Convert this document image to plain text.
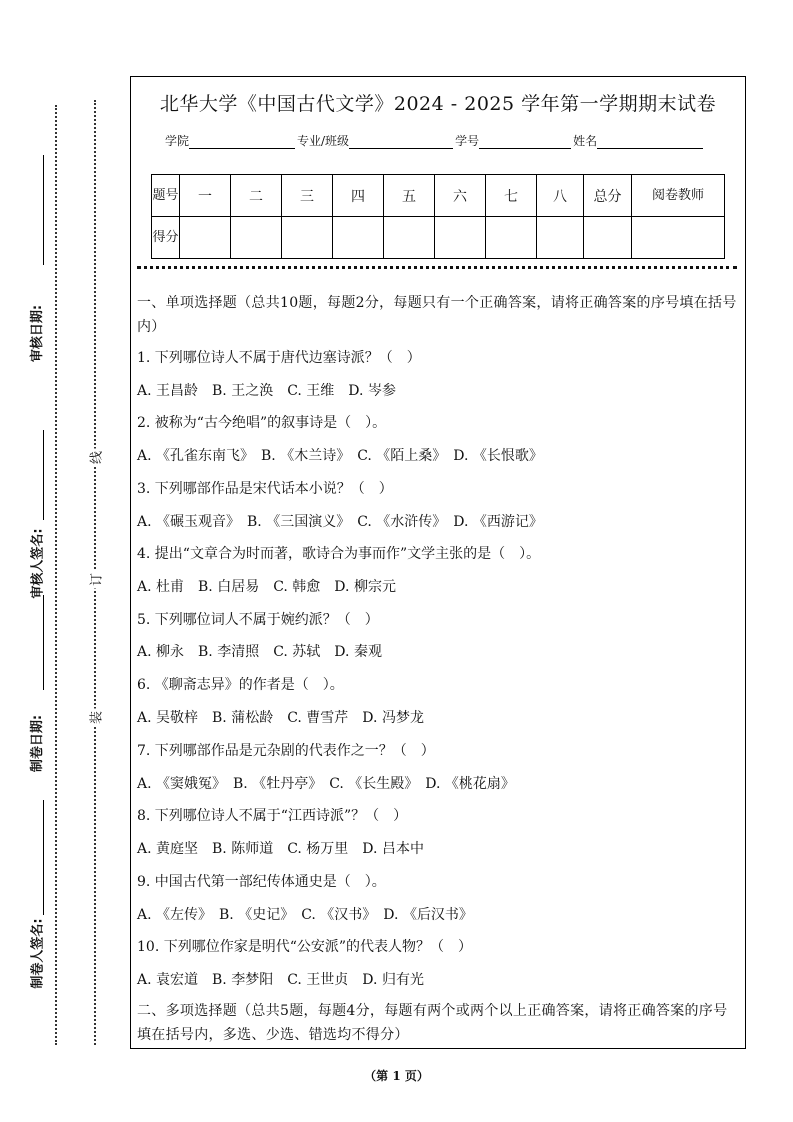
审核日期:
审核人签名:
制卷日期:
制卷人签名:
线
订
装
北华大学《中国古代文学》2024 - 2025 学年第一学期期末试卷
学院	专业/班级	学号	姓名
题号	一	二	三	四	五	六	七	八	总分	阅卷教师
得分										
一、单项选择题（总共10题，每题2分，每题只有一个正确答案，请将正确答案的序号填在括号内）
1. 下列哪位诗人不属于唐代边塞诗派？（　）
A. 王昌龄　B. 王之涣　C. 王维　D. 岑参
2. 被称为“古今绝唱”的叙事诗是（　）。
A. 《孔雀东南飞》　B. 《木兰诗》　C. 《陌上桑》　D. 《长恨歌》
3. 下列哪部作品是宋代话本小说？（　）
A. 《碾玉观音》　B. 《三国演义》　C. 《水浒传》　D. 《西游记》
4. 提出“文章合为时而著，歌诗合为事而作”文学主张的是（　）。
A. 杜甫　B. 白居易　C. 韩愈　D. 柳宗元
5. 下列哪位词人不属于婉约派？（　）
A. 柳永　B. 李清照　C. 苏轼　D. 秦观
6. 《聊斋志异》的作者是（　）。
A. 吴敬梓　B. 蒲松龄　C. 曹雪芹　D. 冯梦龙
7. 下列哪部作品是元杂剧的代表作之一？（　）
A. 《窦娥冤》　B. 《牡丹亭》　C. 《长生殿》　D. 《桃花扇》
8. 下列哪位诗人不属于“江西诗派”？（　）
A. 黄庭坚　B. 陈师道　C. 杨万里　D. 吕本中
9. 中国古代第一部纪传体通史是（　）。
A. 《左传》　B. 《史记》　C. 《汉书》　D. 《后汉书》
10. 下列哪位作家是明代“公安派”的代表人物？（　）
A. 袁宏道　B. 李梦阳　C. 王世贞　D. 归有光
二、多项选择题（总共5题，每题4分，每题有两个或两个以上正确答案，请将正确答案的序号填在括号内，多选、少选、错选均不得分）
（第 1 页）
